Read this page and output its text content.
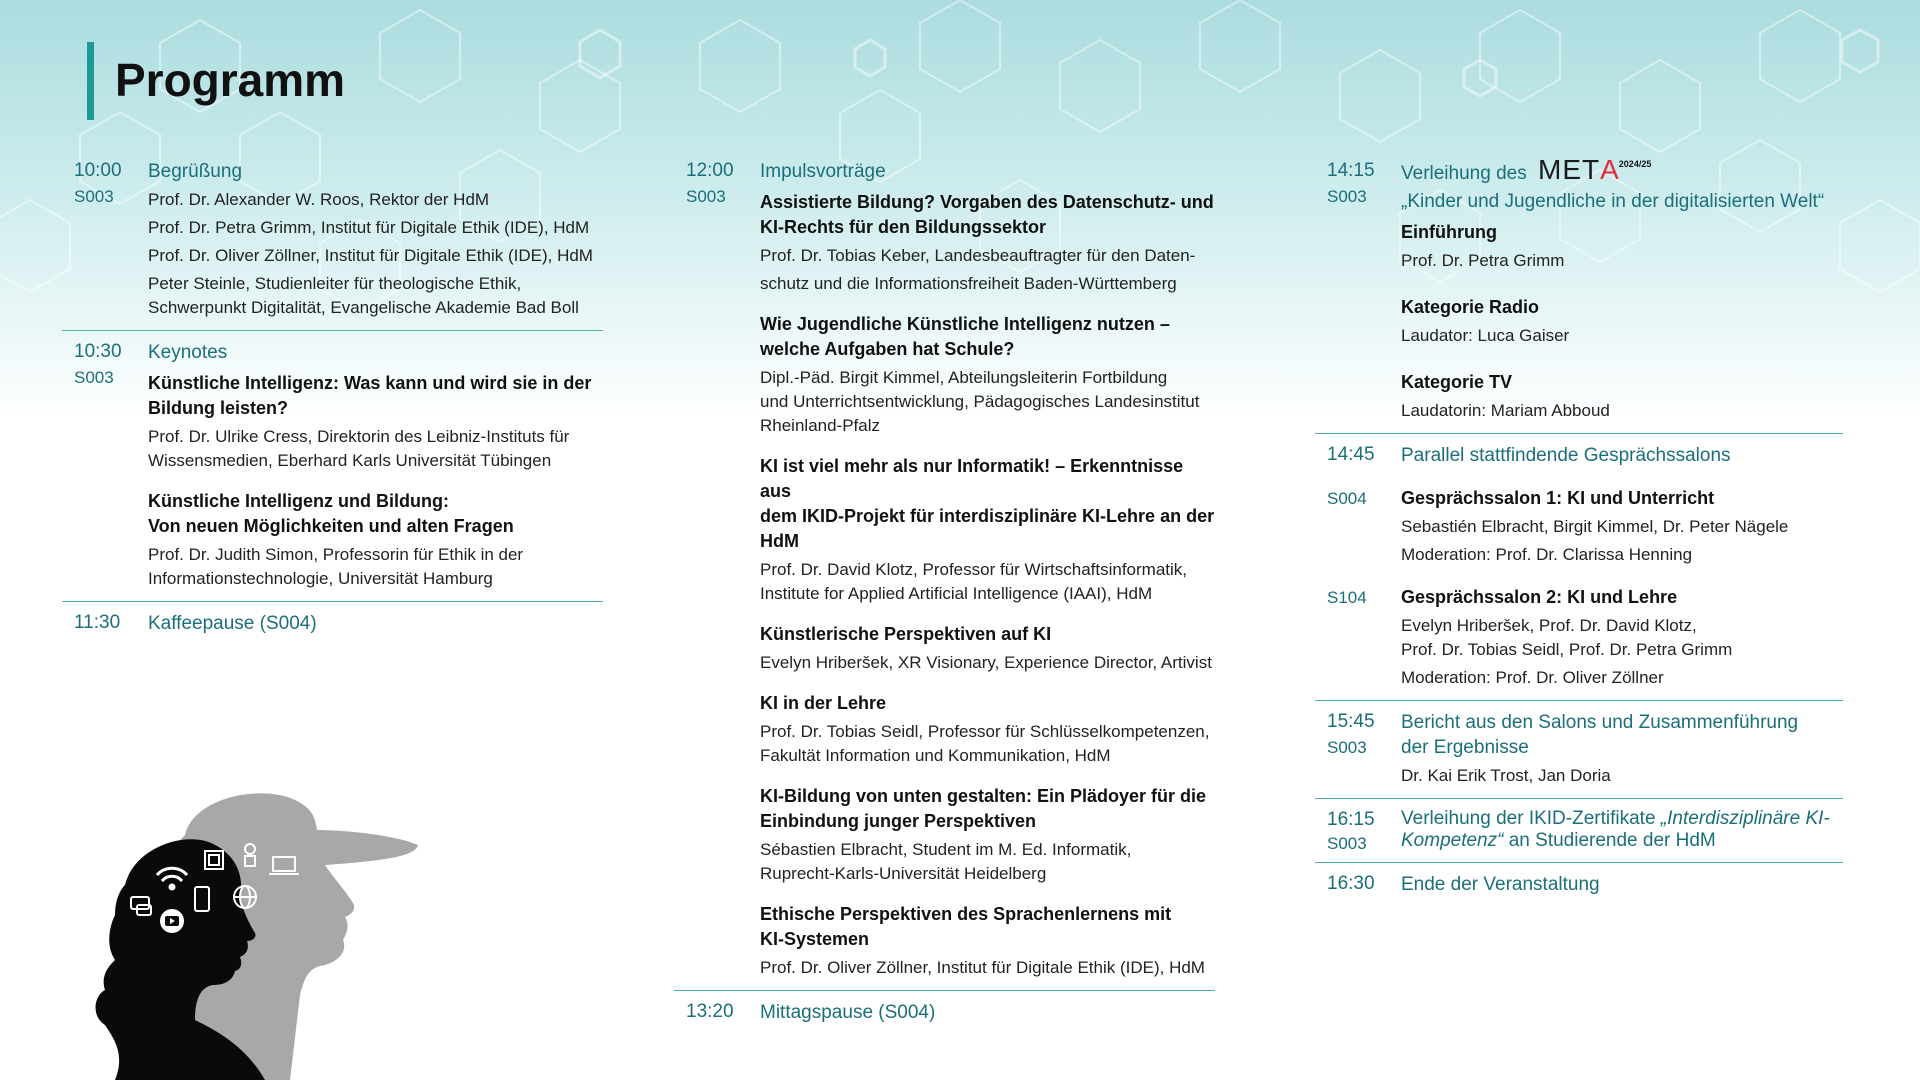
Programm
10:00
S003
Begrüßung
Prof. Dr. Alexander W. Roos, Rektor der HdM
Prof. Dr. Petra Grimm, Institut für Digitale Ethik (IDE), HdM
Prof. Dr. Oliver Zöllner, Institut für Digitale Ethik (IDE), HdM
Peter Steinle, Studienleiter für theologische Ethik,
Schwerpunkt Digitalität, Evangelische Akademie Bad Boll
10:30
S003
Keynotes
Künstliche Intelligenz: Was kann und wird sie in der
Bildung leisten?
Prof. Dr. Ulrike Cress, Direktorin des Leibniz-Instituts für
Wissensmedien, Eberhard Karls Universität Tübingen
Künstliche Intelligenz und Bildung:
Von neuen Möglichkeiten und alten Fragen
Prof. Dr. Judith Simon, Professorin für Ethik in der
Informationstechnologie, Universität Hamburg
11:30 Kaffeepause (S004)
12:00
S003
Impulsvorträge
Assistierte Bildung? Vorgaben des Datenschutz- und
KI-Rechts für den Bildungssektor
Prof. Dr. Tobias Keber, Landesbeauftragter für den Daten-
schutz und die Informationsfreiheit Baden-Württemberg
Wie Jugendliche Künstliche Intelligenz nutzen –
welche Aufgaben hat Schule?
Dipl.-Päd. Birgit Kimmel, Abteilungsleiterin Fortbildung
und Unterrichtsentwicklung, Pädagogisches Landesinstitut
Rheinland-Pfalz
KI ist viel mehr als nur Informatik! – Erkenntnisse aus
dem IKID-Projekt für interdisziplinäre KI-Lehre an der
HdM
Prof. Dr. David Klotz, Professor für Wirtschaftsinformatik,
Institute for Applied Artificial Intelligence (IAAI), HdM
Künstlerische Perspektiven auf KI
Evelyn Hriberšek, XR Visionary, Experience Director, Artivist
KI in der Lehre
Prof. Dr. Tobias Seidl, Professor für Schlüsselkompetenzen,
Fakultät Information und Kommunikation, HdM
KI-Bildung von unten gestalten: Ein Plädoyer für die
Einbindung junger Perspektiven
Sébastien Elbracht, Student im M. Ed. Informatik,
Ruprecht-Karls-Universität Heidelberg
Ethische Perspektiven des Sprachenlernens mit
KI-Systemen
Prof. Dr. Oliver Zöllner, Institut für Digitale Ethik (IDE), HdM
13:20 Mittagspause (S004)
14:15
S003
Verleihung des $META^{2024/25}$
„Kinder und Jugendliche in der digitalisierten Welt“
Einführung
Prof. Dr. Petra Grimm
Kategorie Radio
Laudator: Luca Gaiser
Kategorie TV
Laudatorin: Mariam Abboud
14:45 Parallel stattfindende Gesprächssalons
S004 Gesprächssalon 1: KI und Unterricht
Sebastién Elbracht, Birgit Kimmel, Dr. Peter Nägele
Moderation: Prof. Dr. Clarissa Henning
S104 Gesprächssalon 2: KI und Lehre
Evelyn Hriberšek, Prof. Dr. David Klotz,
Prof. Dr. Tobias Seidl, Prof. Dr. Petra Grimm
Moderation: Prof. Dr. Oliver Zöllner
15:45
S003
Bericht aus den Salons und Zusammenführung
der Ergebnisse
Dr. Kai Erik Trost, Jan Doria
16:15
S003
Verleihung der IKID-Zertifikate „Interdisziplinäre KI-
Kompetenz“ an Studierende der HdM
16:30 Ende der Veranstaltung
